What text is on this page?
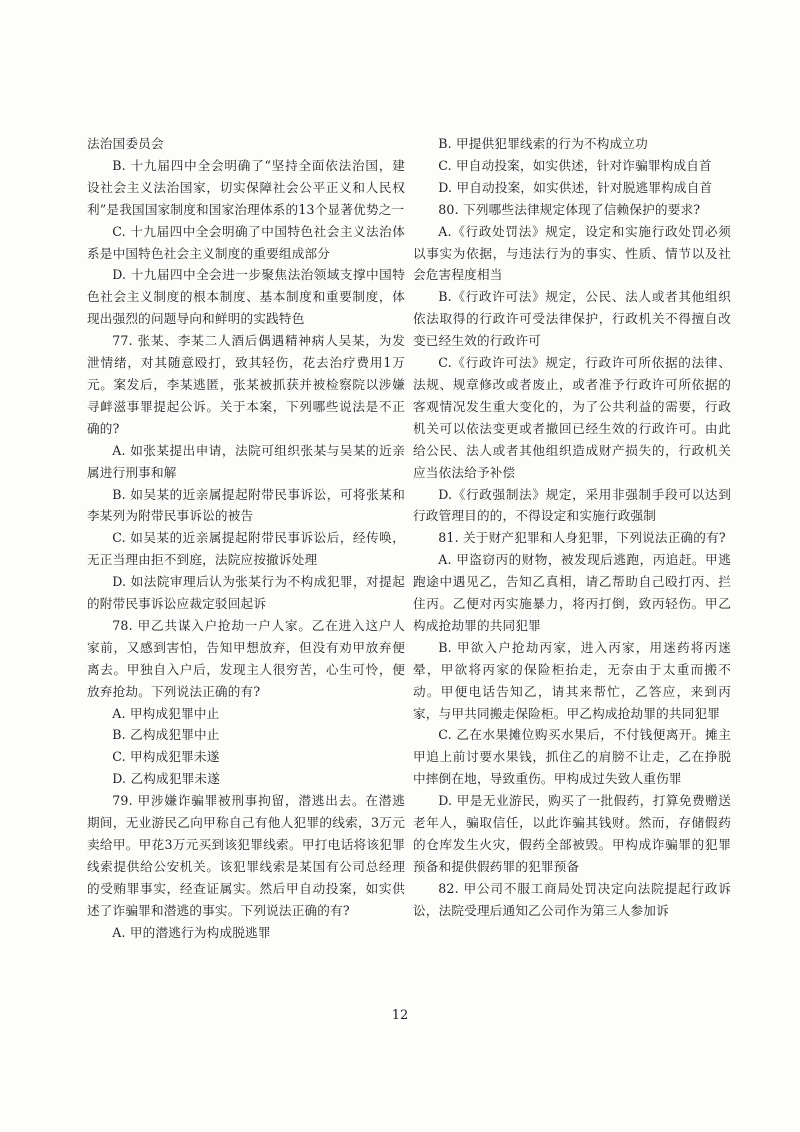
法治国委员会

B. 十九届四中全会明确了“坚持全面依法治国，建设社会主义法治国家，切实保障社会公平正义和人民权利”是我国国家制度和国家治理体系的13个显著优势之一

C. 十九届四中全会明确了中国特色社会主义法治体系是中国特色社会主义制度的重要组成部分

D. 十九届四中全会进一步聚焦法治领域支撑中国特色社会主义制度的根本制度、基本制度和重要制度，体现出强烈的问题导向和鲜明的实践特色

77. 张某、李某二人酒后偶遇精神病人吴某，为发泄情绪，对其随意殴打，致其轻伤，花去治疗费用1万元。案发后，李某逃匿，张某被抓获并被检察院以涉嫌寻衅滋事罪提起公诉。关于本案，下列哪些说法是不正确的?

A. 如张某提出申请，法院可组织张某与吴某的近亲属进行刑事和解

B. 如吴某的近亲属提起附带民事诉讼，可将张某和李某列为附带民事诉讼的被告

C. 如吴某的近亲属提起附带民事诉讼后，经传唤，无正当理由拒不到庭，法院应按撤诉处理

D. 如法院审理后认为张某行为不构成犯罪，对提起的附带民事诉讼应裁定驳回起诉

78. 甲乙共谋入户抢劫一户人家。乙在进入这户人家前，又感到害怕，告知甲想放弃，但没有劝甲放弃便离去。甲独自入户后，发现主人很穷苦，心生可怜，便放弃抢劫。下列说法正确的有?

A. 甲构成犯罪中止

B. 乙构成犯罪中止

C. 甲构成犯罪未遂

D. 乙构成犯罪未遂

79. 甲涉嫌诈骗罪被刑事拘留，潜逃出去。在潜逃期间，无业游民乙向甲称自己有他人犯罪的线索，3万元卖给甲。甲花3万元买到该犯罪线索。甲打电话将该犯罪线索提供给公安机关。该犯罪线索是某国有公司总经理的受贿罪事实，经查证属实。然后甲自动投案，如实供述了诈骗罪和潜逃的事实。下列说法正确的有?

A. 甲的潜逃行为构成脱逃罪

B. 甲提供犯罪线索的行为不构成立功

C. 甲自动投案，如实供述，针对诈骗罪构成自首

D. 甲自动投案，如实供述，针对脱逃罪构成自首

80. 下列哪些法律规定体现了信赖保护的要求?

A.《行政处罚法》规定，设定和实施行政处罚必须以事实为依据，与违法行为的事实、性质、情节以及社会危害程度相当

B.《行政许可法》规定，公民、法人或者其他组织依法取得的行政许可受法律保护，行政机关不得擅自改变已经生效的行政许可

C.《行政许可法》规定，行政许可所依据的法律、法规、规章修改或者废止，或者准予行政许可所依据的客观情况发生重大变化的，为了公共利益的需要，行政机关可以依法变更或者撤回已经生效的行政许可。由此给公民、法人或者其他组织造成财产损失的，行政机关应当依法给予补偿

D.《行政强制法》规定，采用非强制手段可以达到行政管理目的的，不得设定和实施行政强制

81. 关于财产犯罪和人身犯罪，下列说法正确的有?

A. 甲盗窃丙的财物，被发现后逃跑，丙追赶。甲逃跑途中遇见乙，告知乙真相，请乙帮助自己殴打丙、拦住丙。乙便对丙实施暴力，将丙打倒，致丙轻伤。甲乙构成抢劫罪的共同犯罪

B. 甲欲入户抢劫丙家，进入丙家，用迷药将丙迷晕，甲欲将丙家的保险柜抬走，无奈由于太重而搬不动。甲便电话告知乙，请其来帮忙，乙答应，来到丙家，与甲共同搬走保险柜。甲乙构成抢劫罪的共同犯罪

C. 乙在水果摊位购买水果后，不付钱便离开。摊主甲追上前讨要水果钱，抓住乙的肩膀不让走，乙在挣脱中摔倒在地，导致重伤。甲构成过失致人重伤罪

D. 甲是无业游民，购买了一批假药，打算免费赠送老年人，骗取信任，以此诈骗其钱财。然而，存储假药的仓库发生火灾，假药全部被毁。甲构成诈骗罪的犯罪预备和提供假药罪的犯罪预备

82. 甲公司不服工商局处罚决定向法院提起行政诉讼，法院受理后通知乙公司作为第三人参加诉

12
